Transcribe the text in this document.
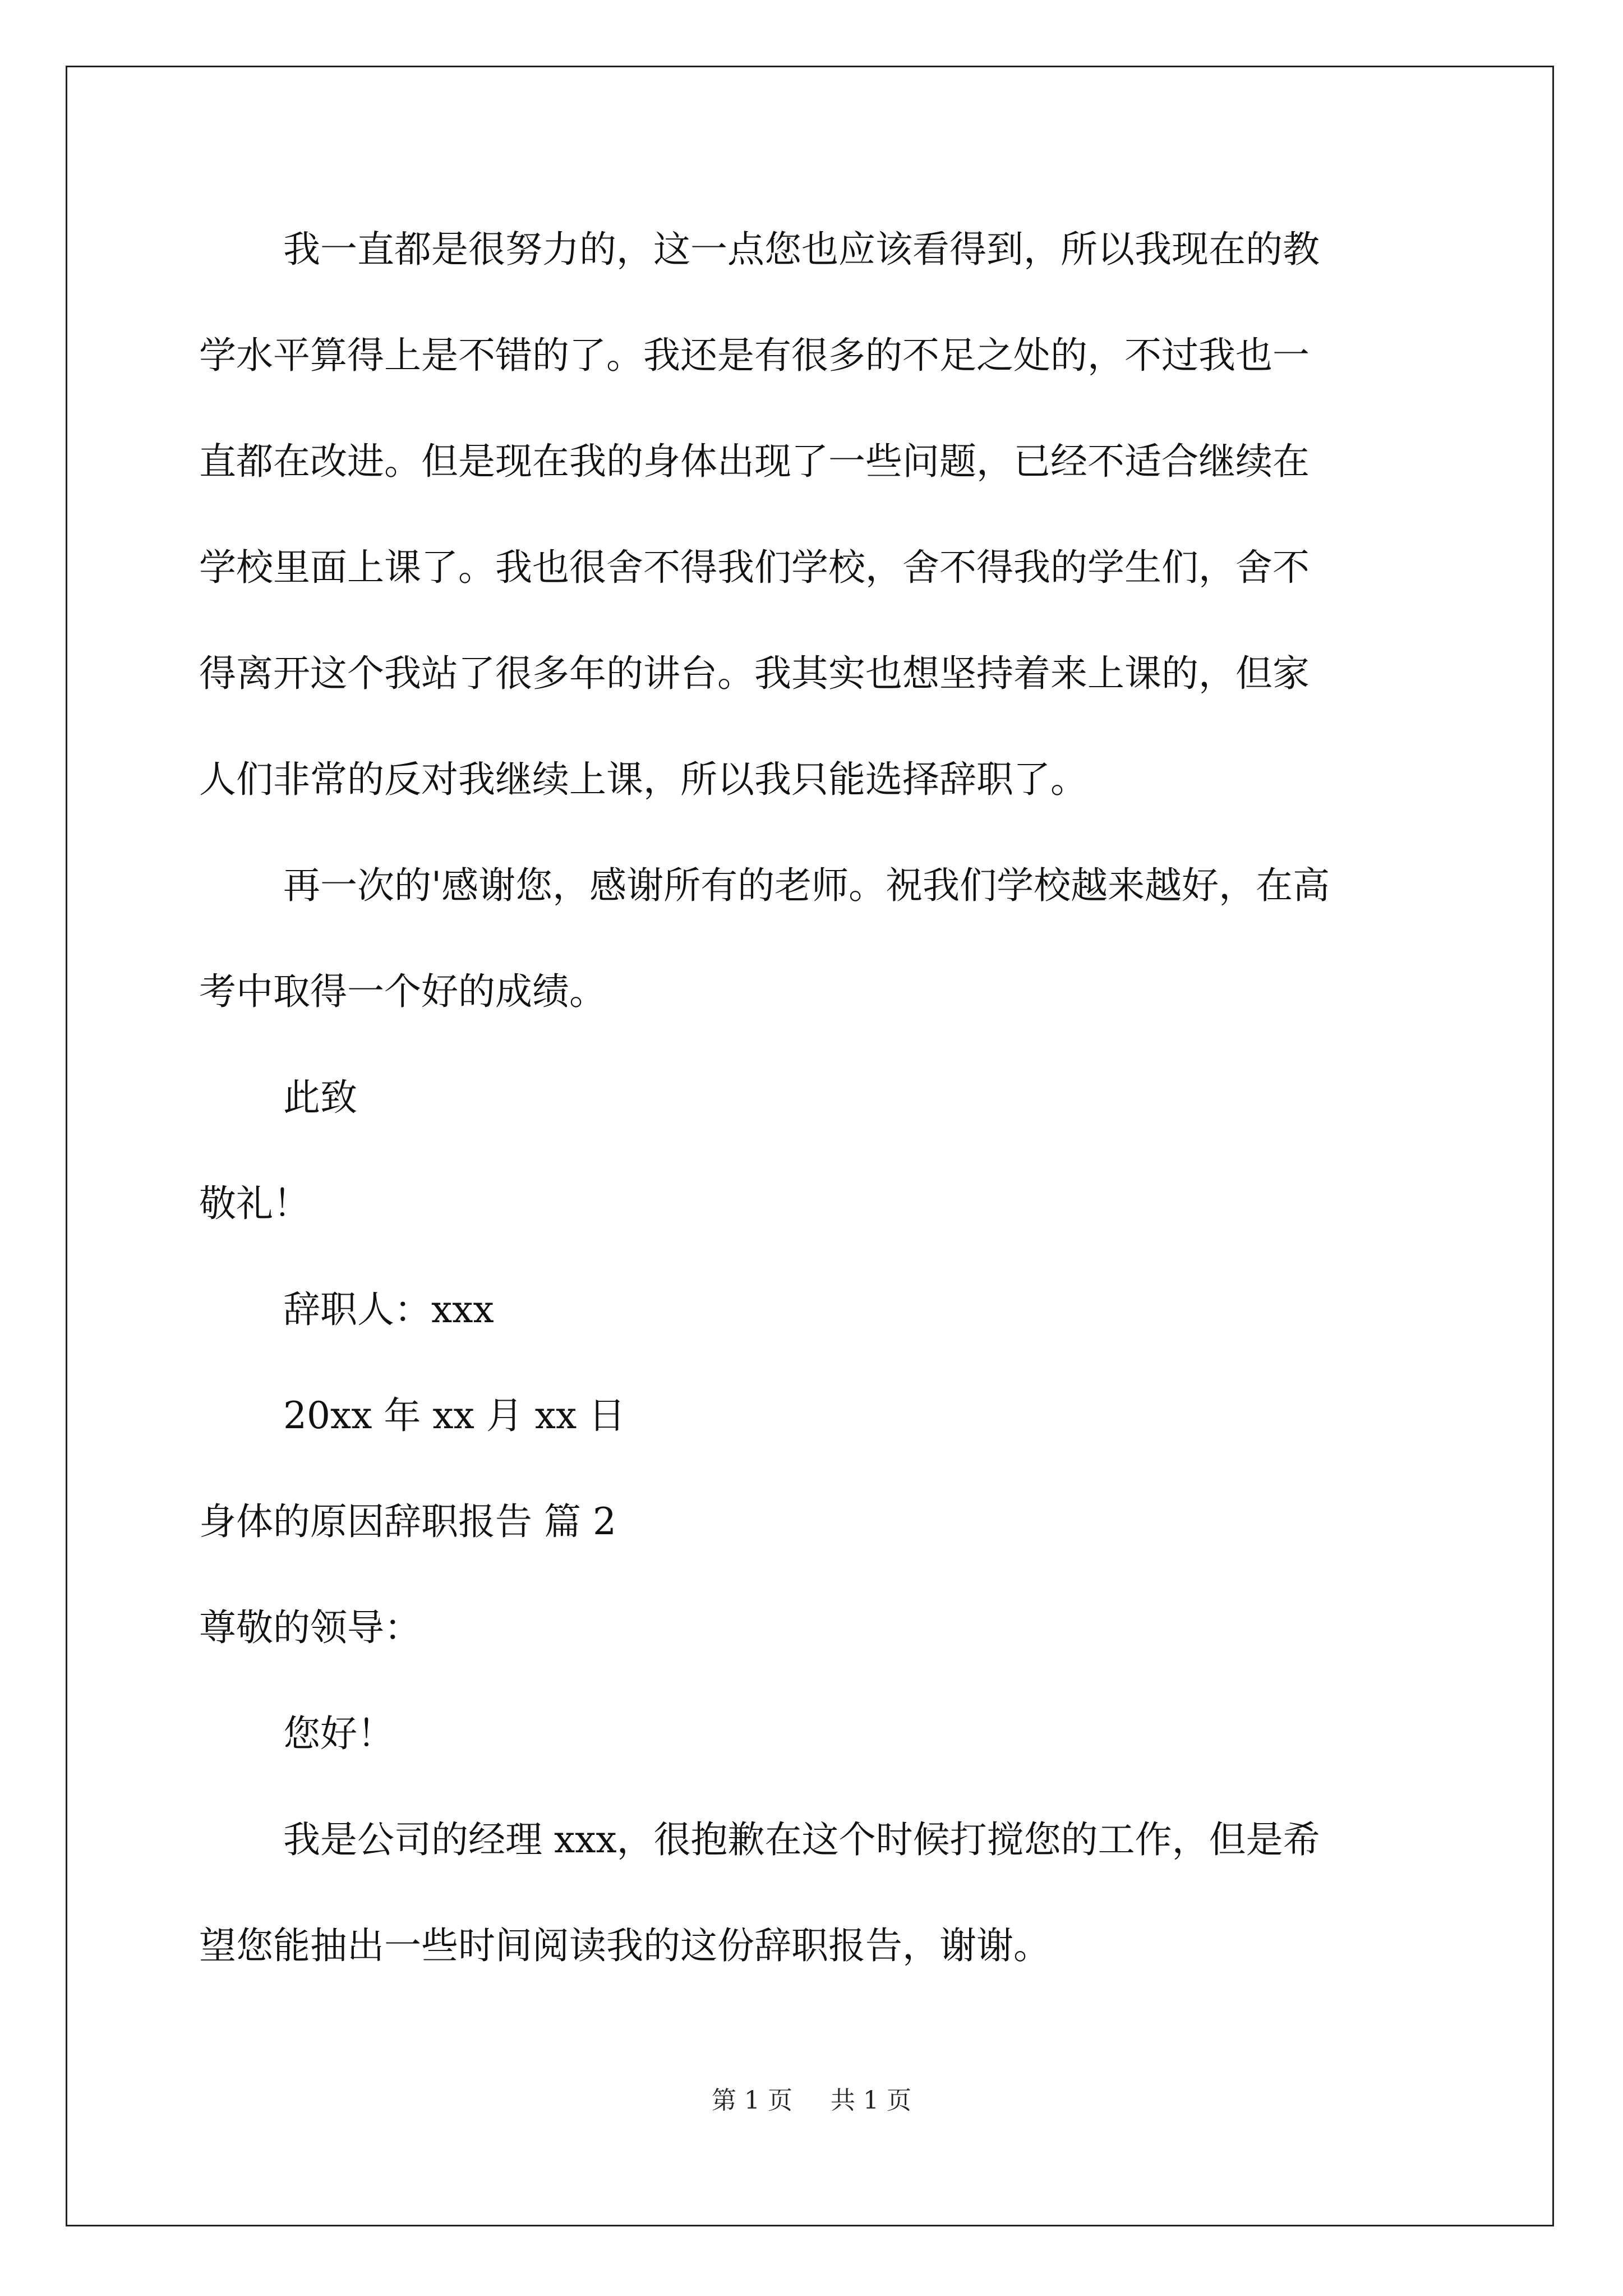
我一直都是很努力的，这一点您也应该看得到，所以我现在的教

学水平算得上是不错的了。我还是有很多的不足之处的，不过我也一

直都在改进。但是现在我的身体出现了一些问题，已经不适合继续在

学校里面上课了。我也很舍不得我们学校，舍不得我的学生们，舍不

得离开这个我站了很多年的讲台。我其实也想坚持着来上课的，但家

人们非常的反对我继续上课，所以我只能选择辞职了。

再一次的'感谢您，感谢所有的老师。祝我们学校越来越好，在高

考中取得一个好的成绩。

此致

敬礼！

辞职人：xxx

20xx 年 xx 月 xx 日

身体的原因辞职报告 篇 2

尊敬的领导：

您好！

我是公司的经理 xxx，很抱歉在这个时候打搅您的工作，但是希

望您能抽出一些时间阅读我的这份辞职报告，谢谢。

第 1 页 共 1 页
